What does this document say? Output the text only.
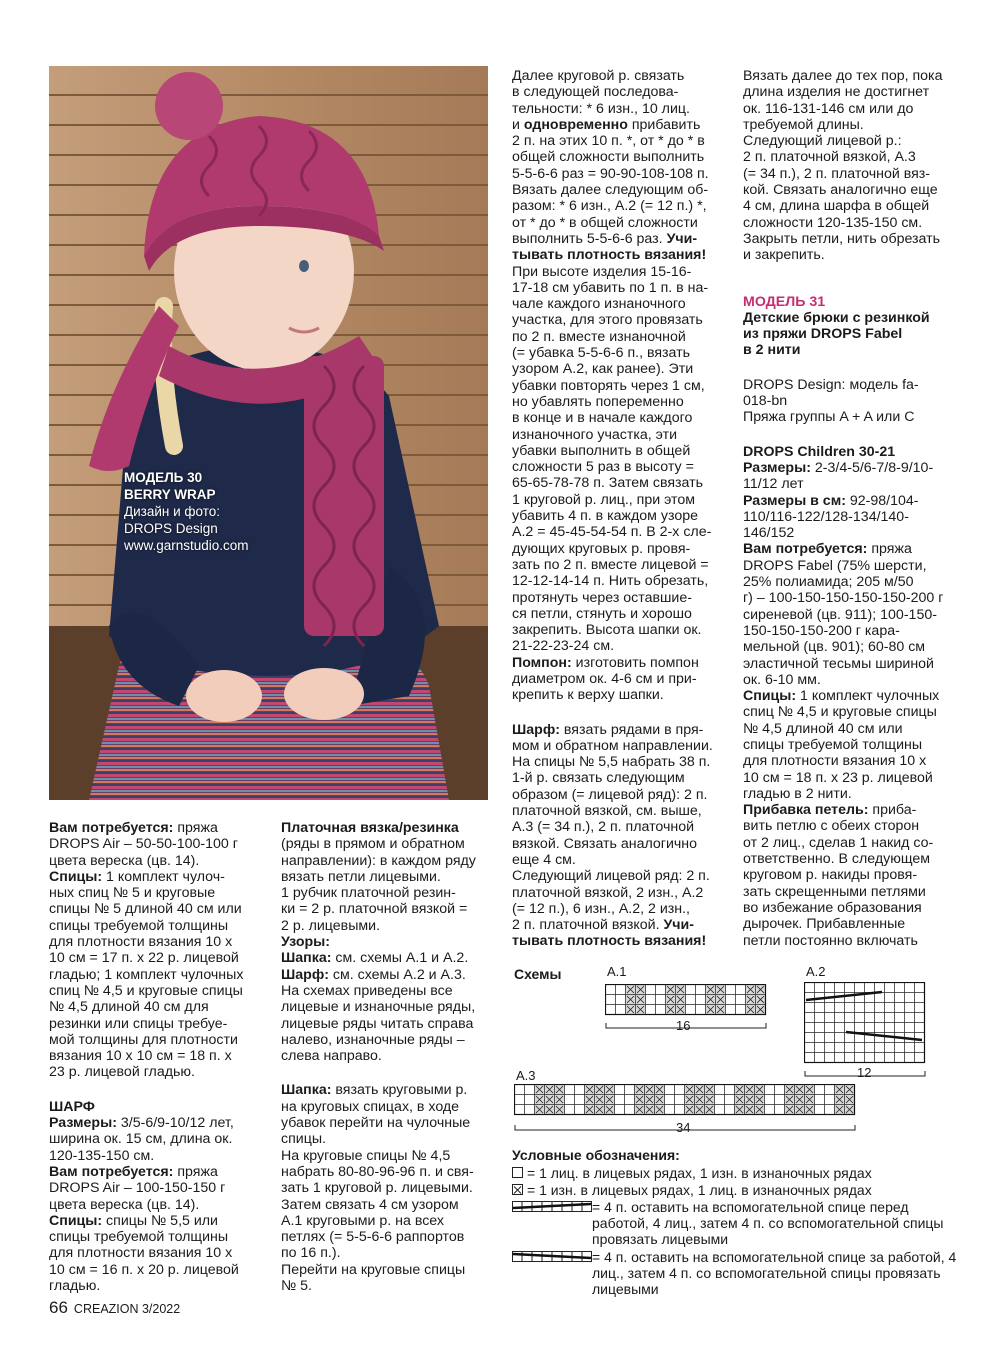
МОДЕЛЬ 30
BERRY WRAP
Дизайн и фото:
DROPS Design
www.garnstudio.com

Вам потребуется: пряжа

DROPS Air – 50-50-100-100 г

цвета вереска (цв. 14).

Спицы: 1 комплект чулоч-

ных спиц № 5 и круговые

спицы № 5 длиной 40 см или

спицы требуемой толщины

для плотности вязания 10 х

10 см = 17 п. х 22 р. лицевой

гладью; 1 комплект чулочных

спиц № 4,5 и круговые спицы

№ 4,5 длиной 40 см для

резинки или спицы требуе-

мой толщины для плотности

вязания 10 х 10 см = 18 п. х

23 р. лицевой гладью.

ШАРФ

Размеры: 3/5-6/9-10/12 лет,

ширина ок. 15 см, длина ок.

120-135-150 см.

Вам потребуется: пряжа

DROPS Air – 100-150-150 г

цвета вереска (цв. 14).

Спицы: спицы № 5,5 или

спицы требуемой толщины

для плотности вязания 10 х

10 см = 16 п. х 20 р. лицевой

гладью.

Платочная вязка/резинка

(ряды в прямом и обратном

направлении): в каждом ряду

вязать петли лицевыми.

1 рубчик платочной резин-

ки = 2 р. платочной вязкой =

2 р. лицевыми.

Узоры:

Шапка: см. схемы А.1 и А.2.

Шарф: см. схемы А.2 и А.3.

На схемах приведены все

лицевые и изнаночные ряды,

лицевые ряды читать справа

налево, изнаночные ряды –

слева направо.

Шапка: вязать круговыми р.

на круговых спицах, в ходе

убавок перейти на чулочные

спицы.

На круговые спицы № 4,5

набрать 80-80-96-96 п. и свя-

зать 1 круговой р. лицевыми.

Затем связать 4 см узором

А.1 круговыми р. на всех

петлях (= 5-5-6-6 раппортов

по 16 п.).

Перейти на круговые спицы

№ 5.

Далее круговой р. связать

в следующей последова-

тельности: * 6 изн., 10 лиц.

и одновременно прибавить

2 п. на этих 10 п. *, от * до * в

общей сложности выполнить

5-5-6-6 раз = 90-90-108-108 п.

Вязать далее следующим об-

разом: * 6 изн., А.2 (= 12 п.) *,

от * до * в общей сложности

выполнить 5-5-6-6 раз. Учи-

тывать плотность вязания!

При высоте изделия 15-16-

17-18 см убавить по 1 п. в на-

чале каждого изнаночного

участка, для этого провязать

по 2 п. вместе изнаночной

(= убавка 5-5-6-6 п., вязать

узором А.2, как ранее). Эти

убавки повторять через 1 см,

но убавлять попеременно

в конце и в начале каждого

изнаночного участка, эти

убавки выполнить в общей

сложности 5 раз в высоту =

65-65-78-78 п. Затем связать

1 круговой р. лиц., при этом

убавить 4 п. в каждом узоре

А.2 = 45-45-54-54 п. В 2-х сле-

дующих круговых р. провя-

зать по 2 п. вместе лицевой =

12-12-14-14 п. Нить обрезать,

протянуть через оставшие-

ся петли, стянуть и хорошо

закрепить. Высота шапки ок.

21-22-23-24 см.

Помпон: изготовить помпон

диаметром ок. 4-6 см и при-

крепить к верху шапки.

Шарф: вязать рядами в пря-

мом и обратном направлении.

На спицы № 5,5 набрать 38 п.

1-й р. связать следующим

образом (= лицевой ряд): 2 п.

платочной вязкой, см. выше,

А.3 (= 34 п.), 2 п. платочной

вязкой. Связать аналогично

еще 4 см.

Следующий лицевой ряд: 2 п.

платочной вязкой, 2 изн., А.2

(= 12 п.), 6 изн., А.2, 2 изн.,

2 п. платочной вязкой. Учи-

тывать плотность вязания!

Вязать далее до тех пор, пока

длина изделия не достигнет

ок. 116-131-146 см или до

требуемой длины.

Следующий лицевой р.:

2 п. платочной вязкой, А.3

(= 34 п.), 2 п. платочной вяз-

кой. Связать аналогично еще

4 см, длина шарфа в общей

сложности 120-135-150 см.

Закрыть петли, нить обрезать

и закрепить.

МОДЕЛЬ 31

Детские брюки с резинкой

из пряжи DROPS Fabel

в 2 нити

DROPS Design: модель fa-

018-bn

Пряжа группы A + A или C

DROPS Children 30-21

Размеры: 2-3/4-5/6-7/8-9/10-

11/12 лет

Размеры в см: 92-98/104-

110/116-122/128-134/140-

146/152

Вам потребуется: пряжа

DROPS Fabel (75% шерсти,

25% полиамида; 205 м/50

г) – 100-150-150-150-150-200 г

сиреневой (цв. 911); 100-150-

150-150-150-200 г кара-

мельной (цв. 901); 60-80 см

эластичной тесьмы шириной

ок. 6-10 мм.

Спицы: 1 комплект чулочных

спиц № 4,5 и круговые спицы

№ 4,5 длиной 40 см или

спицы требуемой толщины

для плотности вязания 10 х

10 см = 18 п. х 23 р. лицевой

гладью в 2 нити.

Прибавка петель: приба-

вить петлю с обеих сторон

от 2 лиц., сделав 1 накид со-

ответственно. В следующем

круговом р. накиды провя-

зать скрещенными петлями

во избежание образования

дырочек. Прибавленные

петли постоянно включать

Схемы	A.1	A.2
A.3
16
12
34
Условные обозначения:
= 1 лиц. в лицевых рядах, 1 изн. в изнаночных рядах
= 1 изн. в лицевых рядах, 1 лиц. в изнаночных рядах
= 4 п. оставить на вспомогательной спице перед работой, 4 лиц., затем 4 п. со вспомогательной спицы провязать лицевыми
= 4 п. оставить на вспомогательной спице за работой, 4 лиц., затем 4 п. со вспомогательной спицы провязать лицевыми
66 CREAZION 3/2022
